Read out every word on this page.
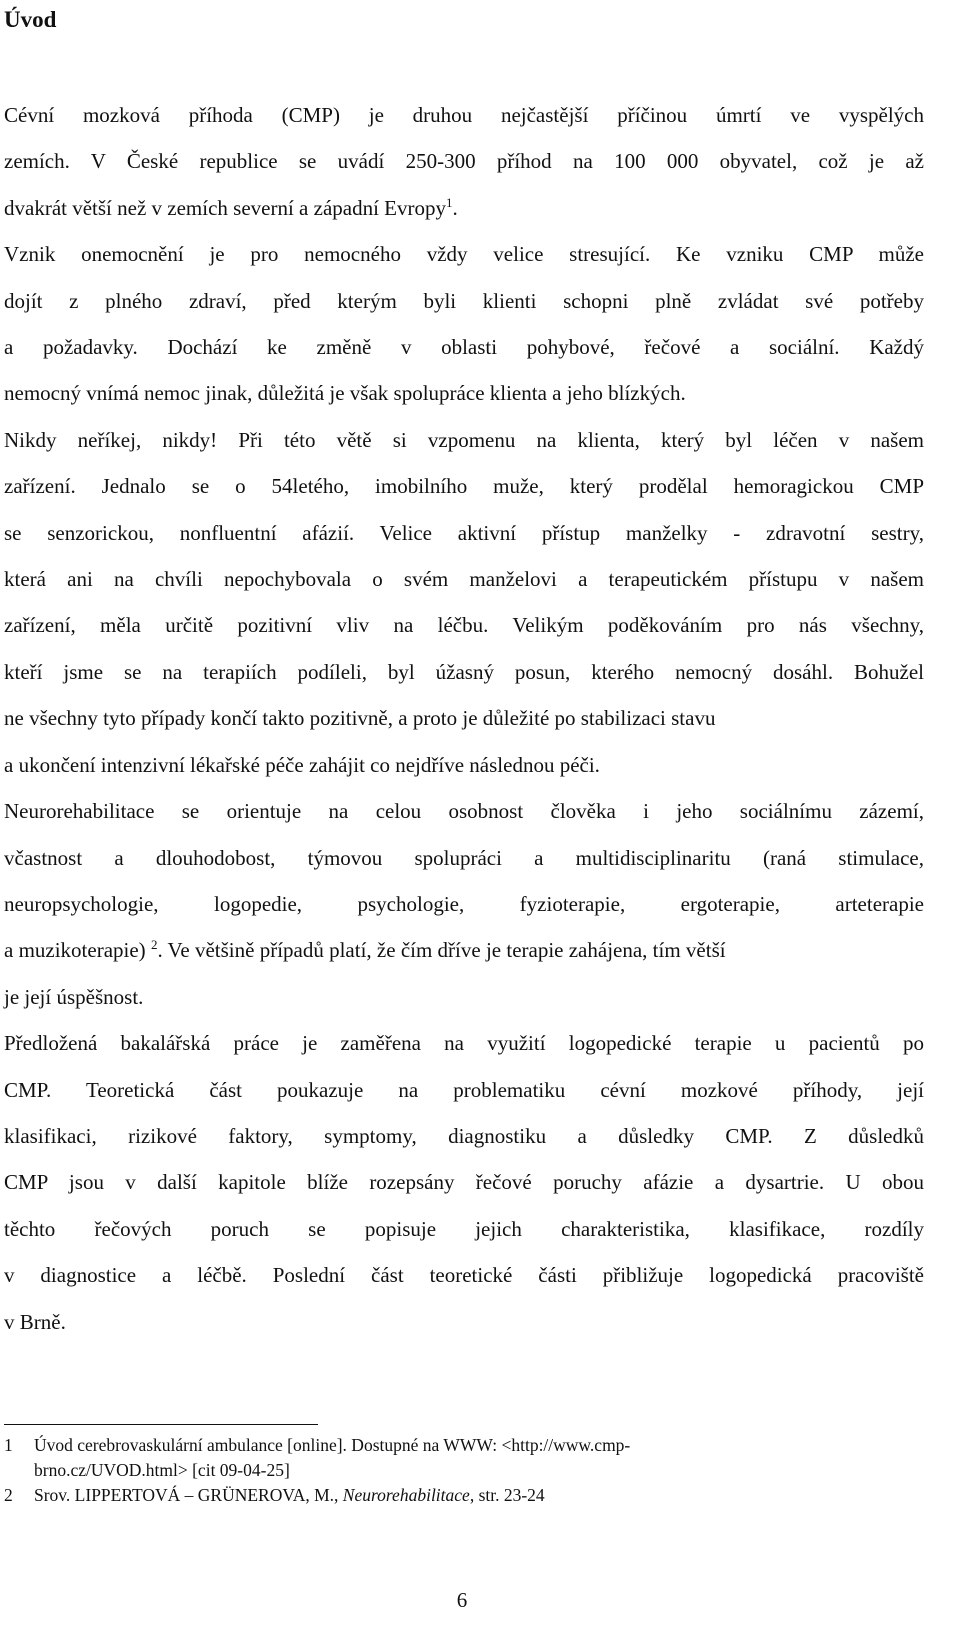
Úvod
Cévní mozková příhoda (CMP) je druhou nejčastější příčinou úmrtí ve vyspělých
zemích. V České republice se uvádí 250-300 příhod na 100 000 obyvatel, což je až
dvakrát větší než v zemích severní a západní Evropy$^1$.
Vznik onemocnění je pro nemocného vždy velice stresující. Ke vzniku CMP může
dojít z plného zdraví, před kterým byli klienti schopni plně zvládat své potřeby
a požadavky. Dochází ke změně v oblasti pohybové, řečové a sociální. Každý
nemocný vnímá nemoc jinak, důležitá je však spolupráce klienta a jeho blízkých.
Nikdy neříkej, nikdy! Při této větě si vzpomenu na klienta, který byl léčen v našem
zařízení. Jednalo se o 54letého, imobilního muže, který prodělal hemoragickou CMP
se senzorickou, nonfluentní afázií. Velice aktivní přístup manželky - zdravotní sestry,
která ani na chvíli nepochybovala o svém manželovi a terapeutickém přístupu v našem
zařízení, měla určitě pozitivní vliv na léčbu. Velikým poděkováním pro nás všechny,
kteří jsme se na terapiích podíleli, byl úžasný posun, kterého nemocný dosáhl. Bohužel
ne všechny tyto případy končí takto pozitivně, a proto je důležité po stabilizaci stavu
a ukončení intenzivní lékařské péče zahájit co nejdříve následnou péči.
Neurorehabilitace se orientuje na celou osobnost člověka i jeho sociálnímu zázemí,
včastnost a dlouhodobost, týmovou spolupráci a multidisciplinaritu (raná stimulace,
neuropsychologie, logopedie, psychologie, fyzioterapie, ergoterapie, arteterapie
a muzikoterapie) $^2$. Ve většině případů platí, že čím dříve je terapie zahájena, tím větší
je její úspěšnost.
Předložená bakalářská práce je zaměřena na využití logopedické terapie u pacientů po
CMP. Teoretická část poukazuje na problematiku cévní mozkové příhody, její
klasifikaci, rizikové faktory, symptomy, diagnostiku a důsledky CMP. Z důsledků
CMP jsou v další kapitole blíže rozepsány řečové poruchy afázie a dysartrie. U obou
těchto řečových poruch se popisuje jejich charakteristika, klasifikace, rozdíly
v diagnostice a léčbě. Poslední část teoretické části přibližuje logopedická pracoviště
v Brně.
1	Úvod cerebrovaskulární ambulance [online]. Dostupné na WWW: <http://www.cmp-
brno.cz/UVOD.html> [cit 09-04-25]
2	Srov. LIPPERTOVÁ – GRÜNEROVA, M., Neurorehabilitace, str. 23-24
6
